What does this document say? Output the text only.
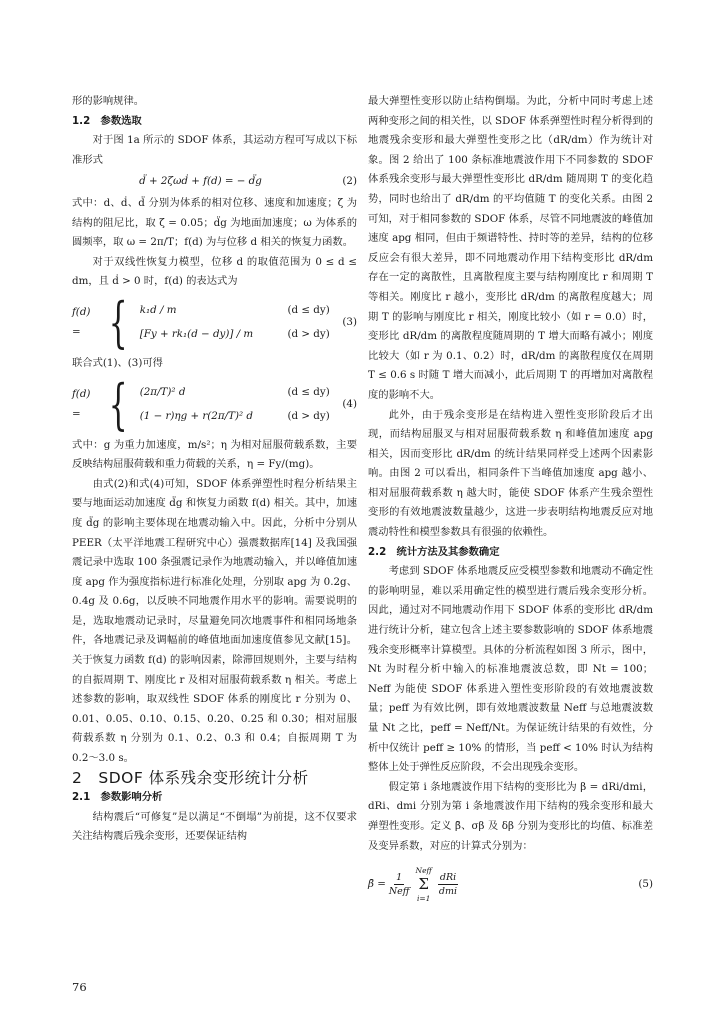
形的影响规律。

1.2　参数选取

对于图 1a 所示的 SDOF 体系，其运动方程可写成以下标准形式

d̈ + 2ζωḋ + f(d) = − d̈g	(2)

式中：d、ḋ、d̈ 分别为体系的相对位移、速度和加速度；ζ 为结构的阻尼比，取 ζ = 0.05；d̈g 为地面加速度；ω 为体系的圆频率，取 ω = 2π/T；f(d) 为与位移 d 相关的恢复力函数。

对于双线性恢复力模型，位移 d 的取值范围为 0 ≤ d ≤ dm，且 ḋ > 0 时，f(d) 的表达式为

f(d) = { k₁d / m	(d ≤ dy)
[Fy + rk₁(d − dy)] / m	(d > dy)
(3)

联合式(1)、(3)可得

f(d) = { (2π/T)² d	(d ≤ dy)
(1 − r)ηg + r(2π/T)² d	(d > dy)
(4)

式中：g 为重力加速度，m/s²；η 为相对屈服荷载系数，主要反映结构屈服荷载和重力荷载的关系，η = Fy/(mg)。

由式(2)和式(4)可知，SDOF 体系弹塑性时程分析结果主要与地面运动加速度 d̈g 和恢复力函数 f(d) 相关。其中，加速度 d̈g 的影响主要体现在地震动输入中。因此，分析中分别从 PEER（太平洋地震工程研究中心）强震数据库[14] 及我国强震记录中选取 100 条强震记录作为地震动输入，并以峰值加速度 apg 作为强度指标进行标准化处理，分别取 apg 为 0.2g、0.4g 及 0.6g，以反映不同地震作用水平的影响。需要说明的是，选取地震动记录时，尽量避免同次地震事件和相同场地条件，各地震记录及调幅前的峰值地面加速度值参见文献[15]。关于恢复力函数 f(d) 的影响因素，除滞回规则外，主要与结构的自振周期 T、刚度比 r 及相对屈服荷载系数 η 相关。考虑上述参数的影响，取双线性 SDOF 体系的刚度比 r 分别为 0、0.01、0.05、0.10、0.15、0.20、0.25 和 0.30；相对屈服荷载系数 η 分别为 0.1、0.2、0.3 和 0.4；自振周期 T 为 0.2～3.0 s。

2　SDOF 体系残余变形统计分析

2.1　参数影响分析

结构震后“可修复”是以满足“不倒塌”为前提，这不仅要求关注结构震后残余变形，还要保证结构

最大弹塑性变形以防止结构倒塌。为此，分析中同时考虑上述两种变形之间的相关性，以 SDOF 体系弹塑性时程分析得到的地震残余变形和最大弹塑性变形之比（dR/dm）作为统计对象。图 2 给出了 100 条标准地震波作用下不同参数的 SDOF 体系残余变形与最大弹塑性变形比 dR/dm 随周期 T 的变化趋势，同时也给出了 dR/dm 的平均值随 T 的变化关系。由图 2 可知，对于相同参数的 SDOF 体系，尽管不同地震波的峰值加速度 apg 相同，但由于频谱特性、持时等的差异，结构的位移反应会有很大差异，即不同地震动作用下结构变形比 dR/dm 存在一定的离散性，且离散程度主要与结构刚度比 r 和周期 T 等相关。刚度比 r 越小，变形比 dR/dm 的离散程度越大；周期 T 的影响与刚度比 r 相关，刚度比较小（如 r = 0.0）时，变形比 dR/dm 的离散程度随周期的 T 增大而略有减小；刚度比较大（如 r 为 0.1、0.2）时，dR/dm 的离散程度仅在周期 T ≤ 0.6 s 时随 T 增大而减小，此后周期 T 的再增加对离散程度的影响不大。

此外，由于残余变形是在结构进入塑性变形阶段后才出现，而结构屈服叉与相对屈服荷载系数 η 和峰值加速度 apg 相关，因而变形比 dR/dm 的统计结果同样受上述两个因素影响。由图 2 可以看出，相同条件下当峰值加速度 apg 越小、相对屈服荷载系数 η 越大时，能使 SDOF 体系产生残余塑性变形的有效地震波数量越少，这进一步表明结构地震反应对地震动特性和模型参数具有很强的依赖性。

2.2　统计方法及其参数确定

考虑到 SDOF 体系地震反应受模型参数和地震动不确定性的影响明显，难以采用确定性的模型进行震后残余变形分析。因此，通过对不同地震动作用下 SDOF 体系的变形比 dR/dm 进行统计分析，建立包含上述主要参数影响的 SDOF 体系地震残余变形概率计算模型。具体的分析流程如图 3 所示，图中，Nt 为时程分析中输入的标准地震波总数，即 Nt = 100；Neff 为能使 SDOF 体系进入塑性变形阶段的有效地震波数量；peff 为有效比例，即有效地震波数量 Neff 与总地震波数量 Nt 之比，peff = Neff/Nt。为保证统计结果的有效性，分析中仅统计 peff ≥ 10% 的情形，当 peff < 10% 时认为结构整体上处于弹性反应阶段，不会出现残余变形。

假定第 i 条地震波作用下结构的变形比为 β = dRi/dmi，dRi、dmi 分别为第 i 条地震波作用下结构的残余变形和最大弹塑性变形。定义 β̄、σβ 及 δβ 分别为变形比的均值、标准差及变异系数，对应的计算式分别为：

β̄ = $\frac{1}{\text{Neff}}$
Neff
Σ
i=1
$\frac{\text{dRi}}{\text{dmi}}$	(5)
76
